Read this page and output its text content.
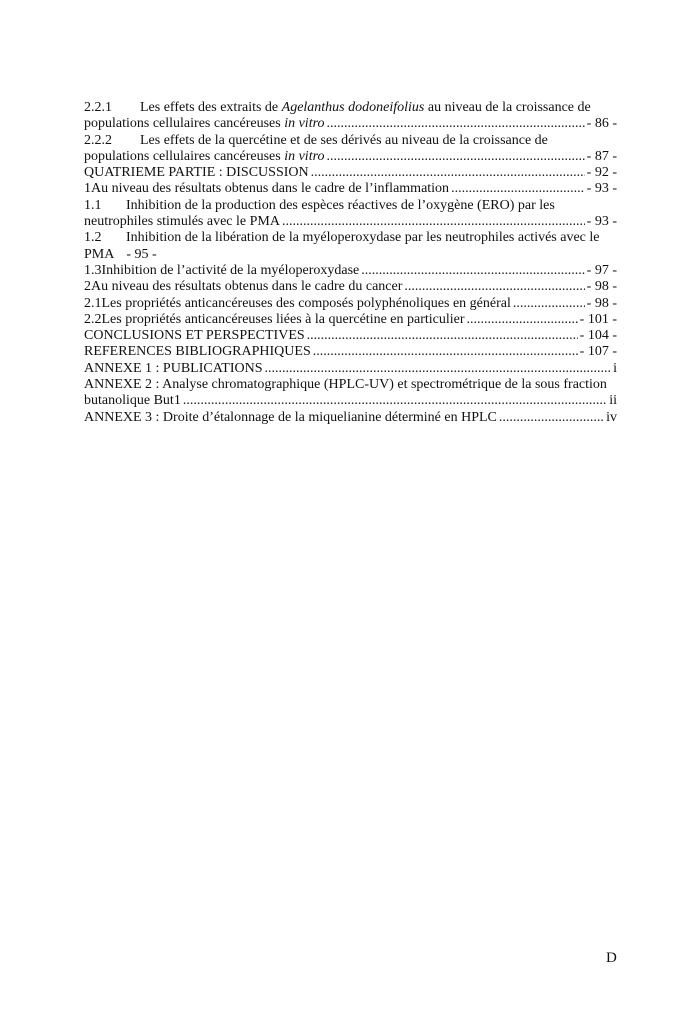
2.2.1	Les effets des extraits de Agelanthus dodoneifolius au niveau de la croissance de
populations cellulaires cancéreuses in vitro .....	- 86 -
2.2.2	Les effets de la quercétine et de ses dérivés au niveau de la croissance de
populations cellulaires cancéreuses in vitro .....	- 87 -
QUATRIEME PARTIE : DISCUSSION .....	- 92 -
1 Au niveau des résultats obtenus dans le cadre de l’inflammation .....	- 93 -
1.1	Inhibition de la production des espèces réactives de l’oxygène (ERO) par les
neutrophiles stimulés avec le PMA .....	- 93 -
1.2	Inhibition de la libération de la myéloperoxydase par les neutrophiles activés avec le
PMA - 95 -
1.3 Inhibition de l’activité de la myéloperoxydase .....	- 97 -
2 Au niveau des résultats obtenus dans le cadre du cancer .....	- 98 -
2.1 Les propriétés anticancéreuses des composés polyphénoliques en général .....	- 98 -
2.2 Les propriétés anticancéreuses liées à la quercétine en particulier .....	- 101 -
CONCLUSIONS ET PERSPECTIVES .....	- 104 -
REFERENCES BIBLIOGRAPHIQUES .....	- 107 -
ANNEXE 1 : PUBLICATIONS .....	i
ANNEXE 2 : Analyse chromatographique (HPLC-UV) et spectrométrique de la sous fraction
butanolique But1 .....	ii
ANNEXE 3 : Droite d’étalonnage de la miquelianine déterminé en HPLC .....	iv
D
